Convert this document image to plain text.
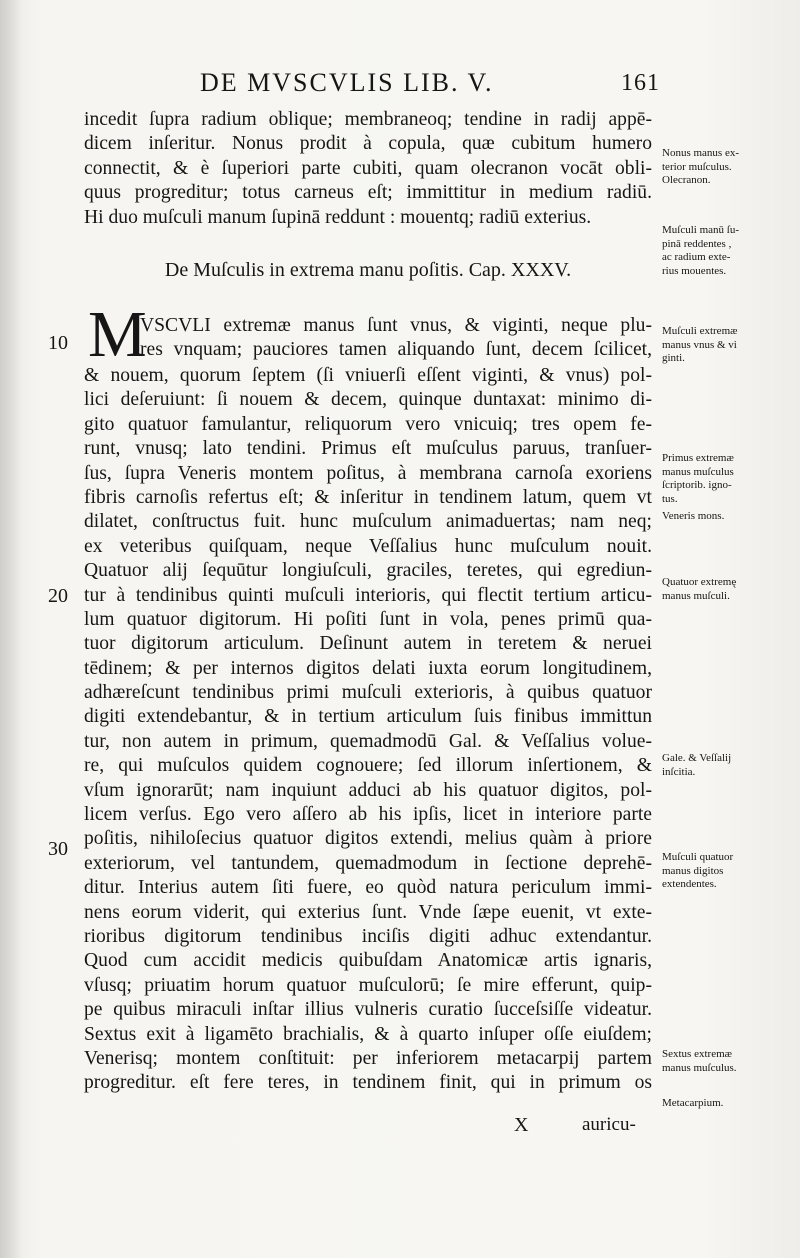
DE MVSCVLIS LIB. V.	161
incedit ſupra radium oblique; membraneoq; tendine in radij appē-
dicem inſeritur. Nonus prodit à copula, quæ cubitum humero
connectit, & è ſuperiori parte cubiti, quam olecranon vocāt obli-
quus progreditur; totus carneus eſt; immittitur in medium radiū.
Hi duo muſculi manum ſupinā reddunt : mouentq; radiū exterius.
De Muſculis in extrema manu poſitis. Cap. XXXV.
M
VSCVLI extremæ manus ſunt vnus, & viginti, neque plu-
res vnquam; pauciores tamen aliquando ſunt, decem ſcilicet,
& nouem, quorum ſeptem (ſi vniuerſi eſſent viginti, & vnus) pol-
lici deſeruiunt: ſi nouem & decem, quinque duntaxat: minimo di-
gito quatuor famulantur, reliquorum vero vnicuiq; tres opem fe-
runt, vnusq; lato tendini. Primus eſt muſculus paruus, tranſuer-
ſus, ſupra Veneris montem poſitus, à membrana carnoſa exoriens
fibris carnoſis refertus eſt; & inſeritur in tendinem latum, quem vt
dilatet, conſtructus fuit. hunc muſculum animaduertas; nam neq;
ex veteribus quiſquam, neque Veſſalius hunc muſculum nouit.
Quatuor alij ſequūtur longiuſculi, graciles, teretes, qui egrediun-
tur à tendinibus quinti muſculi interioris, qui flectit tertium articu-
lum quatuor digitorum. Hi poſiti ſunt in vola, penes primū qua-
tuor digitorum articulum. Deſinunt autem in teretem & neruei
tēdinem; & per internos digitos delati iuxta eorum longitudinem,
adhæreſcunt tendinibus primi muſculi exterioris, à quibus quatuor
digiti extendebantur, & in tertium articulum ſuis finibus immittun
tur, non autem in primum, quemadmodū Gal. & Veſſalius volue-
re, qui muſculos quidem cognouere; ſed illorum inſertionem, &
vſum ignorarūt; nam inquiunt adduci ab his quatuor digitos, pol-
licem verſus. Ego vero aſſero ab his ipſis, licet in interiore parte
poſitis, nihiloſecius quatuor digitos extendi, melius quàm à priore
exteriorum, vel tantundem, quemadmodum in ſectione deprehē-
ditur. Interius autem ſiti fuere, eo quòd natura periculum immi-
nens eorum viderit, qui exterius ſunt. Vnde ſæpe euenit, vt exte-
rioribus digitorum tendinibus inciſis digiti adhuc extendantur.
Quod cum accidit medicis quibuſdam Anatomicæ artis ignaris,
vſusq; priuatim horum quatuor muſculorū; ſe mire efferunt, quip-
pe quibus miraculi inſtar illius vulneris curatio ſucceſsiſſe videatur.
Sextus exit à ligamēto brachialis, & à quarto inſuper oſſe eiuſdem;
Venerisq; montem conſtituit: per inferiorem metacarpij partem
progreditur. eſt fere teres, in tendinem finit, qui in primum os
10
20
30
Nonus manus ex-
terior muſculus.
Olecranon.
Muſculi manū ſu-
pinā reddentes ,
ac radium exte-
rius mouentes.
Muſculi extremæ
manus vnus & vi
ginti.
Primus extremæ
manus muſculus
ſcriptorib. igno-
tus.
Veneris mons.
Quatuor extremę
manus muſculi.
Gale. & Veſſalij
inſcitia.
Muſculi quatuor
manus digitos
extendentes.
Sextus extremæ
manus muſculus.
Metacarpium.
X	auricu-
